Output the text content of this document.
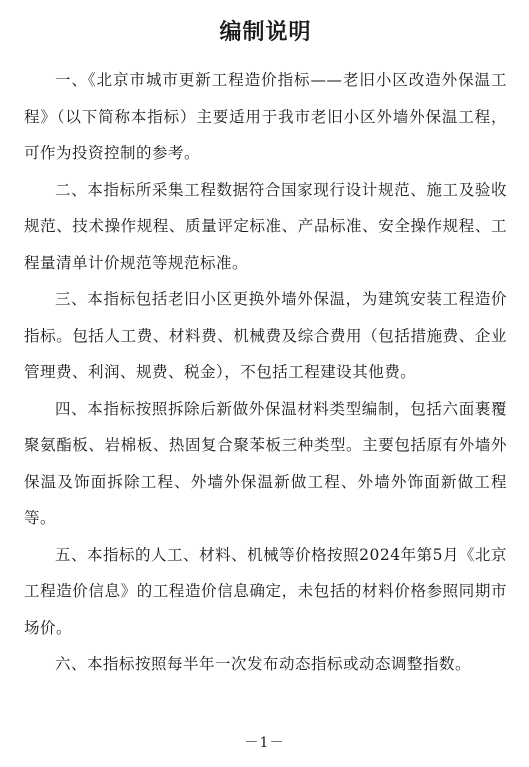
编制说明

一、《北京市城市更新工程造价指标——老旧小区改造外保温工程》（以下简称本指标）主要适用于我市老旧小区外墙外保温工程，可作为投资控制的参考。

二、本指标所采集工程数据符合国家现行设计规范、施工及验收规范、技术操作规程、质量评定标准、产品标准、安全操作规程、工程量清单计价规范等规范标准。

三、本指标包括老旧小区更换外墙外保温，为建筑安装工程造价指标。包括人工费、材料费、机械费及综合费用（包括措施费、企业管理费、利润、规费、税金），不包括工程建设其他费。

四、本指标按照拆除后新做外保温材料类型编制，包括六面裹覆聚氨酯板、岩棉板、热固复合聚苯板三种类型。主要包括原有外墙外保温及饰面拆除工程、外墙外保温新做工程、外墙外饰面新做工程等。

五、本指标的人工、材料、机械等价格按照2024年第5月《北京工程造价信息》的工程造价信息确定，未包括的材料价格参照同期市场价。

六、本指标按照每半年一次发布动态指标或动态调整指数。

－1－
